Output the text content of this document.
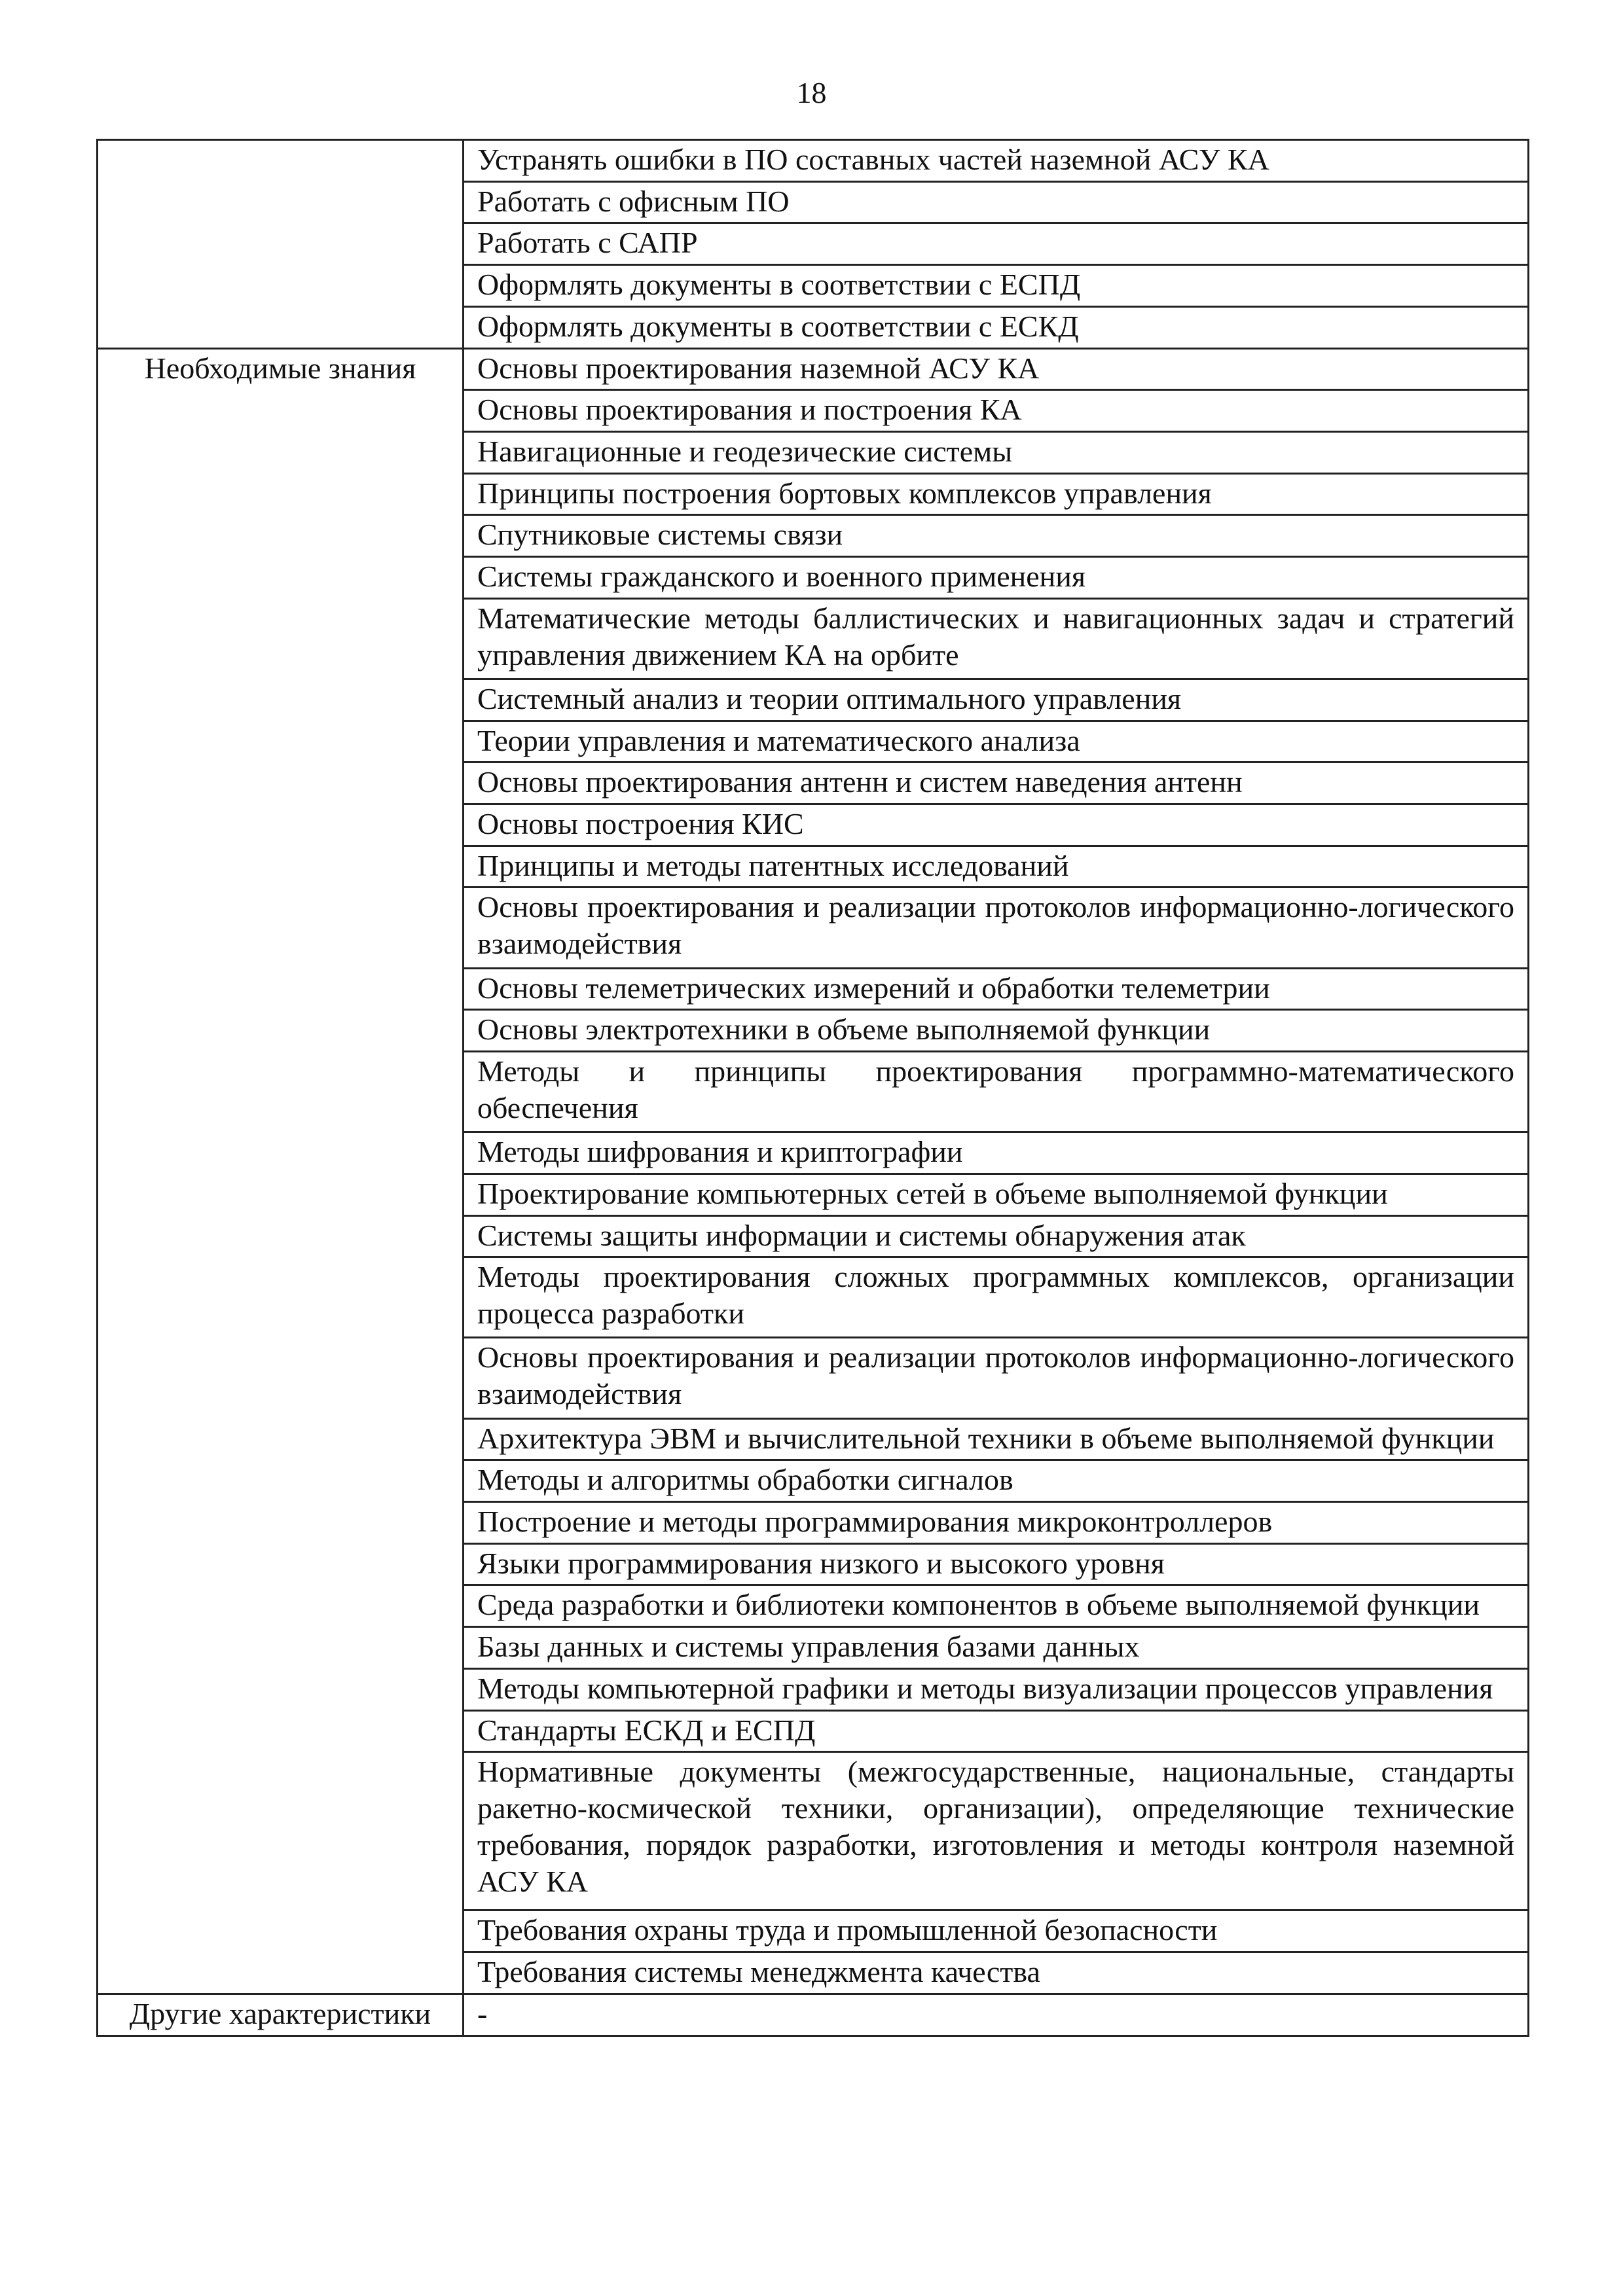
18
	Устранять ошибки в ПО составных частей наземной АСУ КА
	Работать с офисным ПО
	Работать с САПР
	Оформлять документы в соответствии с ЕСПД
	Оформлять документы в соответствии с ЕСКД
Необходимые знания	Основы проектирования наземной АСУ КА
	Основы проектирования и построения КА
	Навигационные и геодезические системы
	Принципы построения бортовых комплексов управления
	Спутниковые системы связи
	Системы гражданского и военного применения
	Математические методы баллистических и навигационных задач и стратегий управления движением КА на орбите
	Системный анализ и теории оптимального управления
	Теории управления и математического анализа
	Основы проектирования антенн и систем наведения антенн
	Основы построения КИС
	Принципы и методы патентных исследований
	Основы проектирования и реализации протоколов информационно-логического взаимодействия
	Основы телеметрических измерений и обработки телеметрии
	Основы электротехники в объеме выполняемой функции
	Методы и принципы проектирования программно-математического обеспечения
	Методы шифрования и криптографии
	Проектирование компьютерных сетей в объеме выполняемой функции
	Системы защиты информации и системы обнаружения атак
	Методы проектирования сложных программных комплексов, организации процесса разработки
	Основы проектирования и реализации протоколов информационно-логического взаимодействия
	Архитектура ЭВМ и вычислительной техники в объеме выполняемой функции
	Методы и алгоритмы обработки сигналов
	Построение и методы программирования микроконтроллеров
	Языки программирования низкого и высокого уровня
	Среда разработки и библиотеки компонентов в объеме выполняемой функции
	Базы данных и системы управления базами данных
	Методы компьютерной графики и методы визуализации процессов управления
	Стандарты ЕСКД и ЕСПД
	Нормативные документы (межгосударственные, национальные, стандарты ракетно-космической техники, организации), определяющие технические требования, порядок разработки, изготовления и методы контроля наземной АСУ КА
	Требования охраны труда и промышленной безопасности
	Требования системы менеджмента качества
Другие характеристики	-
